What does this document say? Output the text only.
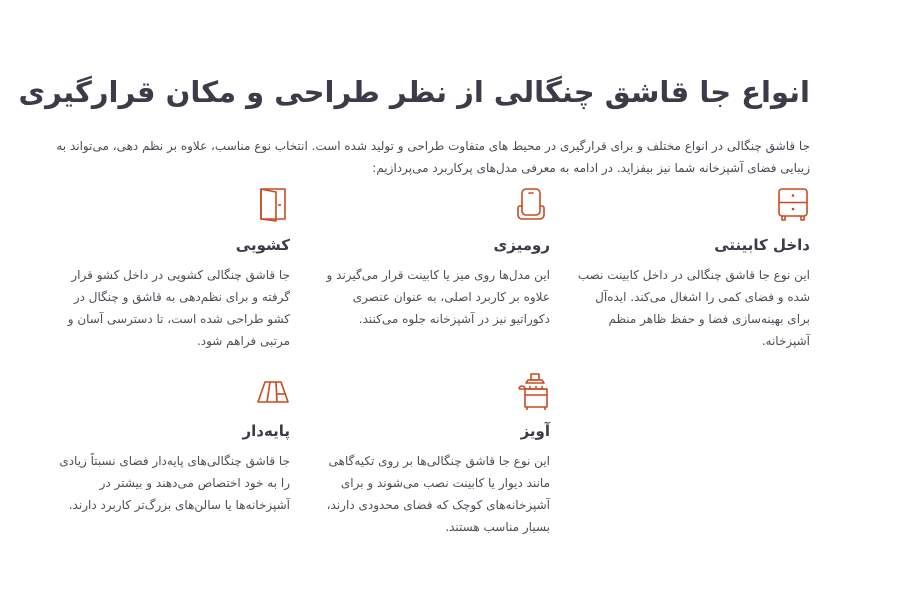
انواع جا قاشق چنگالی از نظر طراحی و مکان قرارگیری

جا قاشق چنگالی در انواع مختلف و برای قرارگیری در محیط های متفاوت طراحی و تولید شده است. انتخاب نوع مناسب، علاوه بر نظم دهی، می‌تواند به زیبایی فضای آشپزخانه شما نیز بیفزاید. در ادامه به معرفی مدل‌های پرکاربرد می‌پردازیم:

داخل کابینتی

این نوع جا قاشق چنگالی در داخل کابینت نصب شده و فضای کمی را اشغال می‌کند. ایده‌آل برای بهینه‌سازی فضا و حفظ ظاهر منظم آشپزخانه.

رومیزی

این مدل‌ها روی میز یا کابینت قرار می‌گیرند و علاوه بر کاربرد اصلی، به عنوان عنصری دکوراتیو نیز در آشپزخانه جلوه می‌کنند.

کشویی

جا قاشق چنگالی کشویی در داخل کشو قرار گرفته و برای نظم‌دهی به قاشق و چنگال در کشو طراحی شده است، تا دسترسی آسان و مرتبی فراهم شود.

آویز

این نوع جا قاشق چنگالی‌ها بر روی تکیه‌گاهی مانند دیوار یا کابینت نصب می‌شوند و برای آشپزخانه‌های کوچک که فضای محدودی دارند، بسیار مناسب هستند.

پایه‌دار

جا قاشق چنگالی‌های پایه‌دار فضای نسبتاً زیادی را به خود اختصاص می‌دهند و بیشتر در آشپزخانه‌ها یا سالن‌های بزرگ‌تر کاربرد دارند.
